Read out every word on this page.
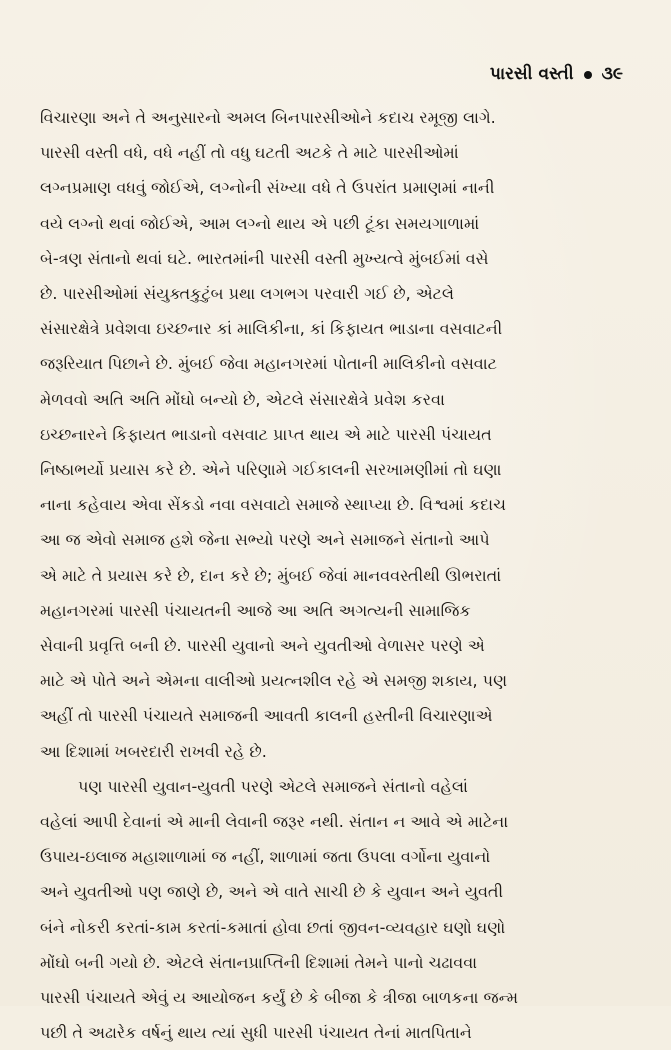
પારસી વસ્તી ૩૯
વિચારણા અને તે અનુસારનો અમલ બિનપારસીઓને કદાચ રમૂજી લાગે.
પારસી વસ્તી વધે, વધે નહીં તો વધુ ઘટતી અટકે તે માટે પારસીઓમાં
લગ્નપ્રમાણ વધવું જોઈએ, લગ્નોની સંખ્યા વધે તે ઉપરાંત પ્રમાણમાં નાની
વયે લગ્નો થવાં જોઈએ, આમ લગ્નો થાય એ પછી ટૂંકા સમયગાળામાં
બે-ત્રણ સંતાનો થવાં ઘટે. ભારતમાંની પારસી વસ્તી મુખ્યત્વે મુંબઈમાં વસે
છે. પારસીઓમાં સંયુક્તકુટુંબ પ્રથા લગભગ પરવારી ગઈ છે, એટલે
સંસારક્ષેત્રે પ્રવેશવા ઇચ્છનાર કાં માલિકીના, કાં કિફાયત ભાડાના વસવાટની
જરૂરિયાત પિછાને છે. મુંબઈ જેવા મહાનગરમાં પોતાની માલિકીનો વસવાટ
મેળવવો અતિ અતિ મોંઘો બન્યો છે, એટલે સંસારક્ષેત્રે પ્રવેશ કરવા
ઇચ્છનારને કિફાયત ભાડાનો વસવાટ પ્રાપ્ત થાય એ માટે પારસી પંચાયત
નિષ્ઠાભર્યો પ્રયાસ કરે છે. એને પરિણામે ગઈકાલની સરખામણીમાં તો ઘણા
નાના કહેવાય એવા સેંકડો નવા વસવાટો સમાજે સ્થાપ્યા છે. વિશ્વમાં કદાચ
આ જ એવો સમાજ હશે જેના સભ્યો પરણે અને સમાજને સંતાનો આપે
એ માટે તે પ્રયાસ કરે છે, દાન કરે છે; મુંબઈ જેવાં માનવવસ્તીથી ઊભરાતાં
મહાનગરમાં પારસી પંચાયતની આજે આ અતિ અગત્યની સામાજિક
સેવાની પ્રવૃત્તિ બની છે. પારસી યુવાનો અને યુવતીઓ વેળાસર પરણે એ
માટે એ પોતે અને એમના વાલીઓ પ્રયત્નશીલ રહે એ સમજી શકાય, પણ
અહીં તો પારસી પંચાયતે સમાજની આવતી કાલની હસ્તીની વિચારણાએ
આ દિશામાં ખબરદારી રાખવી રહે છે.
પણ પારસી યુવાન-યુવતી પરણે એટલે સમાજને સંતાનો વહેલાં
વહેલાં આપી દેવાનાં એ માની લેવાની જરૂર નથી. સંતાન ન આવે એ માટેના
ઉપાય-ઇલાજ મહાશાળામાં જ નહીં, શાળામાં જતા ઉપલા વર્ગોના યુવાનો
અને યુવતીઓ પણ જાણે છે, અને એ વાતે સાચી છે કે યુવાન અને યુવતી
બંને નોકરી કરતાં-કામ કરતાં-કમાતાં હોવા છતાં જીવન-વ્યવહાર ઘણો ઘણો
મોંઘો બની ગયો છે. એટલે સંતાનપ્રાપ્તિની દિશામાં તેમને પાનો ચઢાવવા
પારસી પંચાયતે એવું ય આયોજન કર્યું છે કે બીજા કે ત્રીજા બાળકના જન્મ
પછી તે અઢારેક વર્ષનું થાય ત્યાં સુધી પારસી પંચાયત તેનાં માતપિતાને
